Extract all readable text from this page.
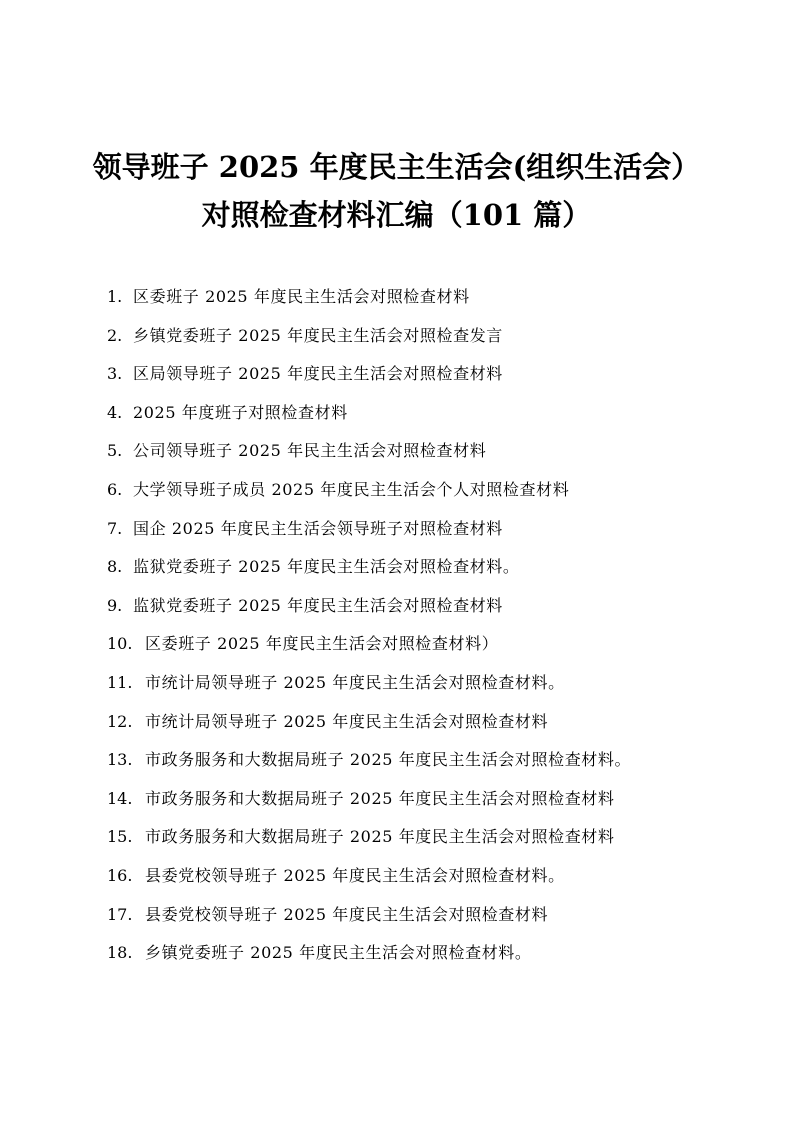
领导班子 2025 年度民主生活会(组织生活会）
对照检查材料汇编（101 篇）
1. 区委班子 2025 年度民主生活会对照检查材料
2. 乡镇党委班子 2025 年度民主生活会对照检查发言
3. 区局领导班子 2025 年度民主生活会对照检查材料
4. 2025 年度班子对照检查材料
5. 公司领导班子 2025 年民主生活会对照检查材料
6. 大学领导班子成员 2025 年度民主生活会个人对照检查材料
7. 国企 2025 年度民主生活会领导班子对照检查材料
8. 监狱党委班子 2025 年度民主生活会对照检查材料。
9. 监狱党委班子 2025 年度民主生活会对照检查材料
10. 区委班子 2025 年度民主生活会对照检查材料）
11. 市统计局领导班子 2025 年度民主生活会对照检查材料。
12. 市统计局领导班子 2025 年度民主生活会对照检查材料
13. 市政务服务和大数据局班子 2025 年度民主生活会对照检查材料。
14. 市政务服务和大数据局班子 2025 年度民主生活会对照检查材料
15. 市政务服务和大数据局班子 2025 年度民主生活会对照检查材料
16. 县委党校领导班子 2025 年度民主生活会对照检查材料。
17. 县委党校领导班子 2025 年度民主生活会对照检查材料
18. 乡镇党委班子 2025 年度民主生活会对照检查材料。
